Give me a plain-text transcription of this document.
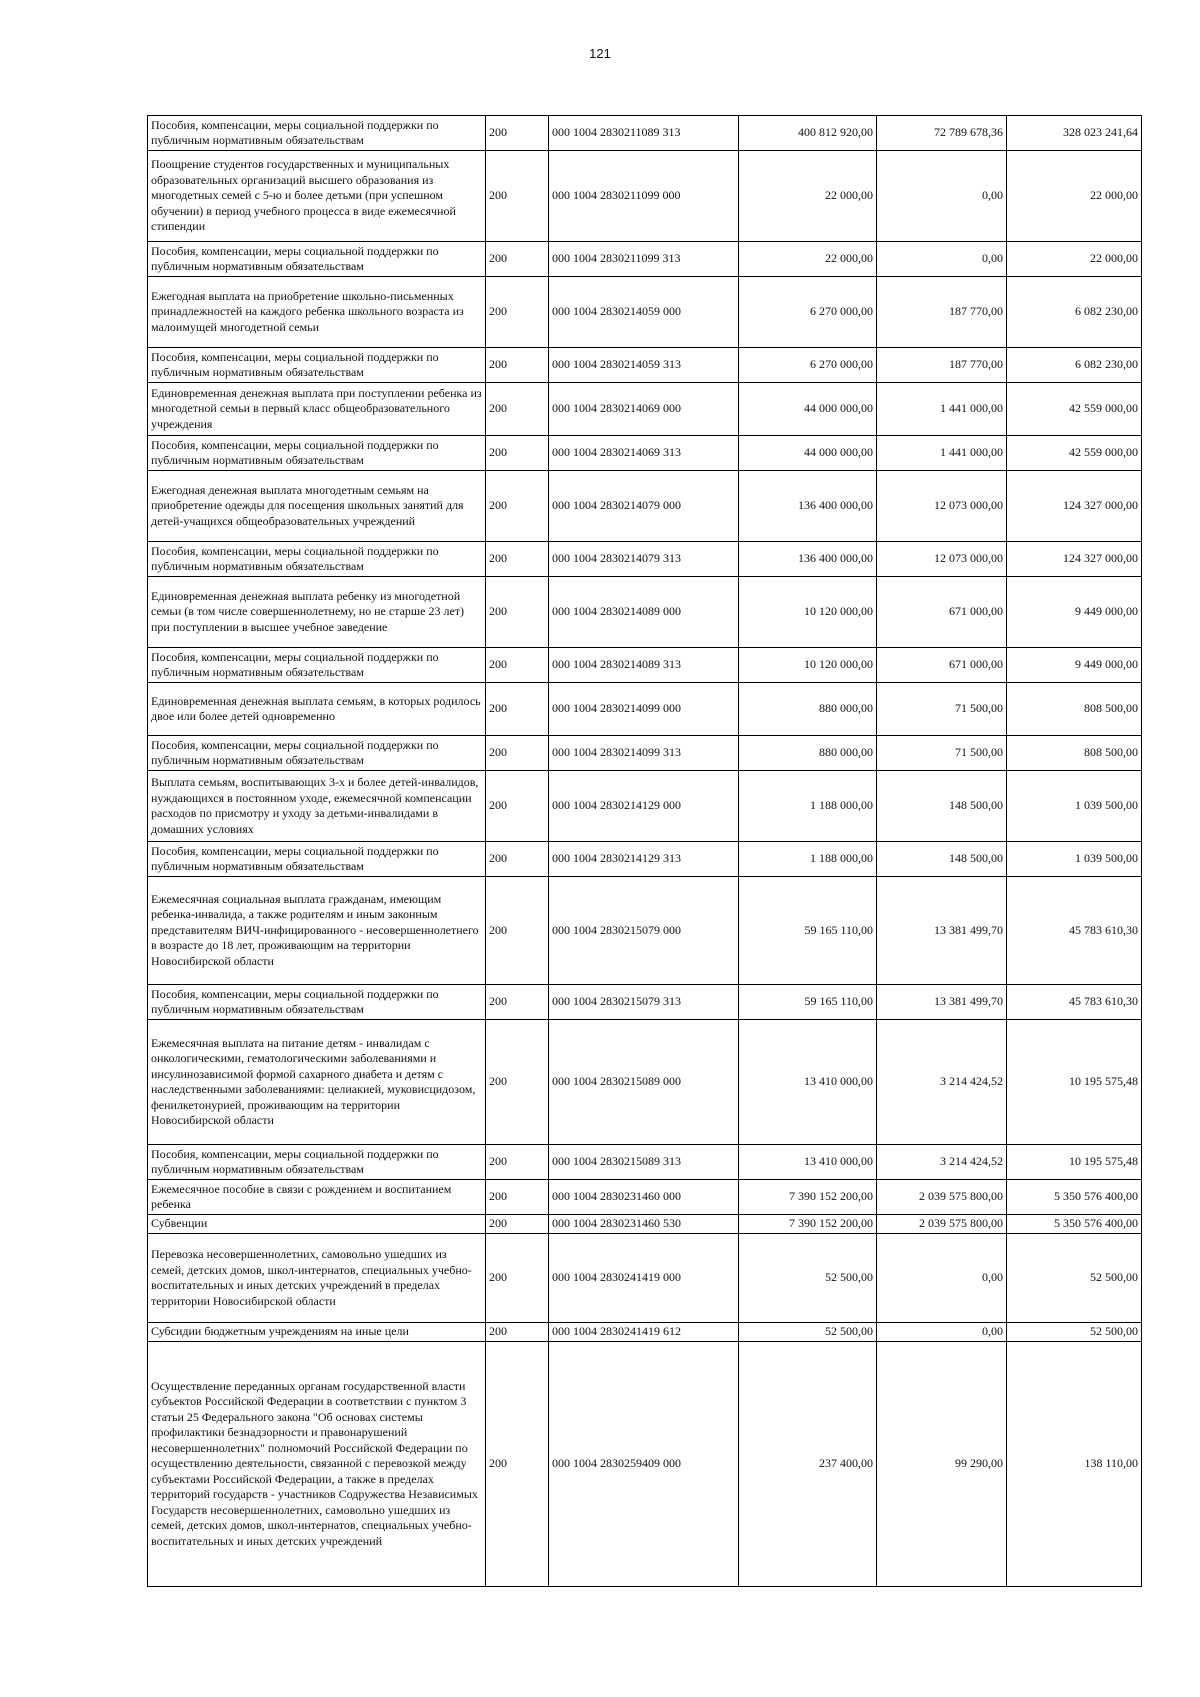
121
Пособия, компенсации, меры социальной поддержки по публичным нормативным обязательствам	200	000 1004 2830211089 313	400 812 920,00	72 789 678,36	328 023 241,64
Поощрение студентов государственных и муниципальных образовательных организаций высшего образования из многодетных семей с 5-ю и более детьми (при успешном обучении) в период учебного процесса в виде ежемесячной стипендии	200	000 1004 2830211099 000	22 000,00	0,00	22 000,00
Пособия, компенсации, меры социальной поддержки по публичным нормативным обязательствам	200	000 1004 2830211099 313	22 000,00	0,00	22 000,00
Ежегодная выплата на приобретение школьно-письменных принадлежностей на каждого ребенка школьного возраста из малоимущей многодетной семьи	200	000 1004 2830214059 000	6 270 000,00	187 770,00	6 082 230,00
Пособия, компенсации, меры социальной поддержки по публичным нормативным обязательствам	200	000 1004 2830214059 313	6 270 000,00	187 770,00	6 082 230,00
Единовременная денежная выплата при поступлении ребенка из многодетной семьи в первый класс общеобразовательного учреждения	200	000 1004 2830214069 000	44 000 000,00	1 441 000,00	42 559 000,00
Пособия, компенсации, меры социальной поддержки по публичным нормативным обязательствам	200	000 1004 2830214069 313	44 000 000,00	1 441 000,00	42 559 000,00
Ежегодная денежная выплата многодетным семьям на приобретение одежды для посещения школьных занятий для детей-учащихся общеобразовательных учреждений	200	000 1004 2830214079 000	136 400 000,00	12 073 000,00	124 327 000,00
Пособия, компенсации, меры социальной поддержки по публичным нормативным обязательствам	200	000 1004 2830214079 313	136 400 000,00	12 073 000,00	124 327 000,00
Единовременная денежная выплата ребенку из многодетной семьи (в том числе совершеннолетнему, но не старше 23 лет) при поступлении в высшее учебное заведение	200	000 1004 2830214089 000	10 120 000,00	671 000,00	9 449 000,00
Пособия, компенсации, меры социальной поддержки по публичным нормативным обязательствам	200	000 1004 2830214089 313	10 120 000,00	671 000,00	9 449 000,00
Единовременная денежная выплата семьям, в которых родилось двое или более детей одновременно	200	000 1004 2830214099 000	880 000,00	71 500,00	808 500,00
Пособия, компенсации, меры социальной поддержки по публичным нормативным обязательствам	200	000 1004 2830214099 313	880 000,00	71 500,00	808 500,00
Выплата семьям, воспитывающих 3-х и более детей-инвалидов, нуждающихся в постоянном уходе, ежемесячной компенсации расходов по присмотру и уходу за детьми-инвалидами в домашних условиях	200	000 1004 2830214129 000	1 188 000,00	148 500,00	1 039 500,00
Пособия, компенсации, меры социальной поддержки по публичным нормативным обязательствам	200	000 1004 2830214129 313	1 188 000,00	148 500,00	1 039 500,00
Ежемесячная социальная выплата гражданам, имеющим ребенка-инвалида, а также родителям и иным законным представителям ВИЧ-инфицированного - несовершеннолетнего в возрасте до 18 лет, проживающим на территории Новосибирской области	200	000 1004 2830215079 000	59 165 110,00	13 381 499,70	45 783 610,30
Пособия, компенсации, меры социальной поддержки по публичным нормативным обязательствам	200	000 1004 2830215079 313	59 165 110,00	13 381 499,70	45 783 610,30
Ежемесячная выплата на питание детям - инвалидам с онкологическими, гематологическими заболеваниями и инсулинозависимой формой сахарного диабета и детям с наследственными заболеваниями: целиакией, муковисцидозом, фенилкетонурией, проживающим на территории Новосибирской области	200	000 1004 2830215089 000	13 410 000,00	3 214 424,52	10 195 575,48
Пособия, компенсации, меры социальной поддержки по публичным нормативным обязательствам	200	000 1004 2830215089 313	13 410 000,00	3 214 424,52	10 195 575,48
Ежемесячное пособие в связи с рождением и воспитанием ребенка	200	000 1004 2830231460 000	7 390 152 200,00	2 039 575 800,00	5 350 576 400,00
Субвенции	200	000 1004 2830231460 530	7 390 152 200,00	2 039 575 800,00	5 350 576 400,00
Перевозка несовершеннолетних, самовольно ушедших из семей, детских домов, школ-интернатов, специальных учебно-воспитательных и иных детских учреждений в пределах территории Новосибирской области	200	000 1004 2830241419 000	52 500,00	0,00	52 500,00
Субсидии бюджетным учреждениям на иные цели	200	000 1004 2830241419 612	52 500,00	0,00	52 500,00
Осуществление переданных органам государственной власти субъектов Российской Федерации в соответствии с пунктом 3 статьи 25 Федерального закона "Об основах системы профилактики безнадзорности и правонарушений несовершеннолетних" полномочий Российской Федерации по осуществлению деятельности, связанной с перевозкой между субъектами Российской Федерации, а также в пределах территорий государств - участников Содружества Независимых Государств несовершеннолетних, самовольно ушедших из семей, детских домов, школ-интернатов, специальных учебно-воспитательных и иных детских учреждений	200	000 1004 2830259409 000	237 400,00	99 290,00	138 110,00
